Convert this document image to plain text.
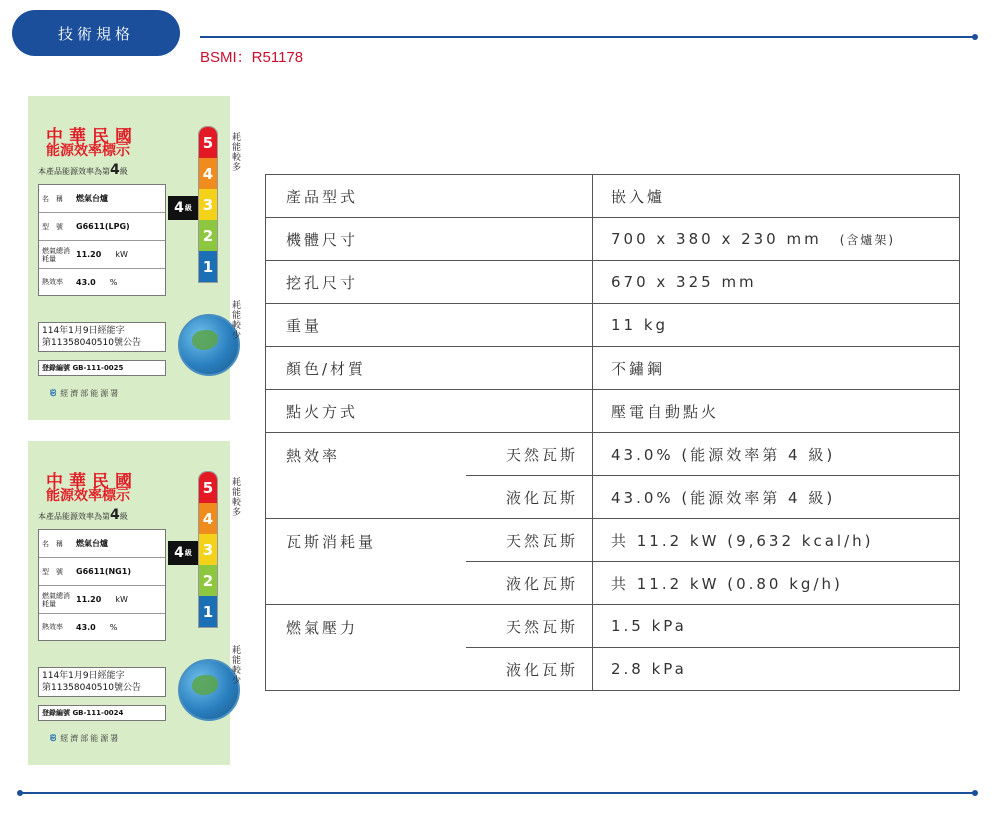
技術規格
BSMI：R51178
中華民國
能源效率標示
本產品能源效率為第4級
名　稱	燃氣台爐
型　號	G6611(LPG)
燃氣總消耗量	11.20 kW
熱效率	43.0 %
114年1月9日經能字
第11358040510號公告
登錄編號 GB-111-0025
ଞ 經濟部能源署
4 級
5
4
3
2
1
耗能較多
耗能較少
中華民國
能源效率標示
本產品能源效率為第4級
名　稱	燃氣台爐
型　號	G6611(NG1)
燃氣總消耗量	11.20 kW
熱效率	43.0 %
114年1月9日經能字
第11358040510號公告
登錄編號 GB-111-0024
ଞ 經濟部能源署
4 級
5
4
3
2
1
耗能較多
耗能較少
產品型式		嵌入爐
機體尺寸		700 x 380 x 230 mm (含爐架)
挖孔尺寸		670 x 325 mm
重量		11 kg
顏色/材質		不鏽鋼
點火方式		壓電自動點火
熱效率	天然瓦斯	43.0% (能源效率第 4 級)
	液化瓦斯	43.0% (能源效率第 4 級)
瓦斯消耗量	天然瓦斯	共 11.2 kW (9,632 kcal/h)
	液化瓦斯	共 11.2 kW (0.80 kg/h)
燃氣壓力	天然瓦斯	1.5 kPa
	液化瓦斯	2.8 kPa
